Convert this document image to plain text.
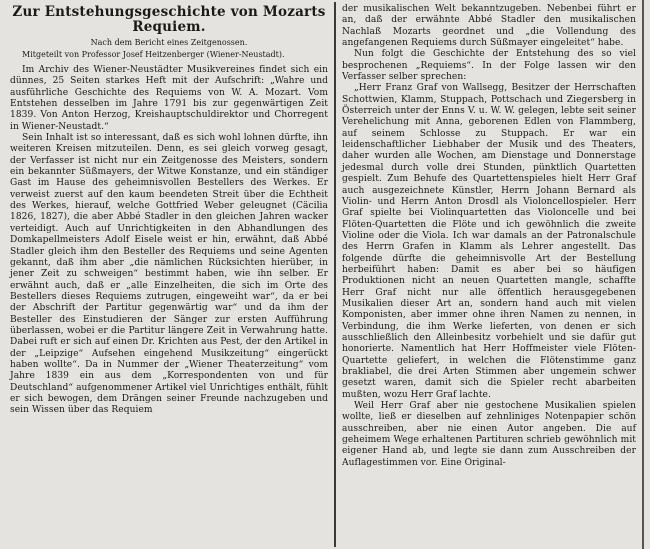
Zur Entstehungsgeschichte von Mozarts Requiem.
Nach dem Bericht eines Zeitgenossen.
Mitgeteilt von Professor Josef Heitzenberger (Wiener-Neustadt).

Im Archiv des Wiener-Neustädter Musikvereines findet sich ein dünnes, 25 Seiten starkes Heft mit der Aufschrift: „Wahre und ausführliche Geschichte des Requiems von W. A. Mozart. Vom Entstehen desselben im Jahre 1791 bis zur gegenwärtigen Zeit 1839. Von Anton Herzog, Kreishauptschuldirektor und Chorregent in Wiener-Neustadt.“

Sein Inhalt ist so interessant, daß es sich wohl lohnen dürfte, ihn weiteren Kreisen mitzuteilen. Denn, es sei gleich vorweg gesagt, der Verfasser ist nicht nur ein Zeitgenosse des Meisters, sondern ein bekannter Süßmayers, der Witwe Konstanze, und ein ständiger Gast im Hause des geheimnisvollen Bestellers des Werkes. Er verweist zuerst auf den kaum beendeten Streit über die Echtheit des Werkes, hierauf, welche Gottfried Weber geleugnet (Cäcilia 1826, 1827), die aber Abbé Stadler in den gleichen Jahren wacker verteidigt. Auch auf Unrichtigkeiten in den Abhandlungen des Domkapellmeisters Adolf Eisele weist er hin, erwähnt, daß Abbé Stadler gleich ihm den Besteller des Requiems und seine Agenten gekannt, daß ihm aber „die nämlichen Rücksichten hierüber, in jener Zeit zu schweigen“ bestimmt haben, wie ihn selber. Er erwähnt auch, daß er „alle Einzelheiten, die sich im Orte des Bestellers dieses Requiems zutrugen, eingeweiht war“, da er bei der Abschrift der Partitur gegenwärtig war“ und da ihm der Besteller des Einstudieren der Sänger zur ersten Aufführung überlassen, wobei er die Partitur längere Zeit in Verwahrung hatte. Dabei ruft er sich auf einen Dr. Krichten aus Pest, der den Artikel in der „Leipzige“ Aufsehen eingehend Musikzeitung“ eingerückt haben wollte“. Da in Nummer der „Wiener Theaterzeitung“ vom Jahre 1839 ein aus dem „Korrespondenten von und für Deutschland“ aufgenommener Artikel viel Unrichtiges enthält, fühlt er sich bewogen, dem Drängen seiner Freunde nachzugeben und sein Wissen über das Requiem

der musikalischen Welt bekanntzugeben. Nebenbei führt er an, daß der erwähnte Abbé Stadler den musikalischen Nachlaß Mozarts geordnet und „die Vollendung des angefangenen Requiems durch Süßmayer eingeleitet“ habe.

Nun folgt die Geschichte der Entstehung des so viel besprochenen „Requiems“. In der Folge lassen wir den Verfasser selber sprechen:

„Herr Franz Graf von Wallsegg, Besitzer der Herrschaften Schottwien, Klamm, Stuppach, Pottschach und Ziegersberg in Österreich unter der Enns V. u. W. W. gelegen, lebte seit seiner Verehelichung mit Anna, geborenen Edlen von Flammberg, auf seinem Schlosse zu Stuppach. Er war ein leidenschaftlicher Liebhaber der Musik und des Theaters, daher wurden alle Wochen, am Dienstage und Donnerstage jedesmal durch volle drei Stunden, pünktlich Quartetten gespielt. Zum Behufe des Quartettenspieles hielt Herr Graf auch ausgezeichnete Künstler, Herrn Johann Bernard als Violin- und Herrn Anton Drosdl als Violoncellospieler. Herr Graf spielte bei Violinquartetten das Violoncelle und bei Flöten-Quartetten die Flöte und ich gewöhnlich die zweite Violine oder die Viola. Ich war damals an der Patronalschule des Herrn Grafen in Klamm als Lehrer angestellt. Das folgende dürfte die geheimnisvolle Art der Bestellung herbeiführt haben: Damit es aber bei so häufigen Produktionen nicht an neuen Quartetten mangle, schaffte Herr Graf nicht nur alle öffentlich herausgegebenen Musikalien dieser Art an, sondern hand auch mit vielen Komponisten, aber immer ohne ihren Namen zu nennen, in Verbindung, die ihm Werke lieferten, von denen er sich ausschließlich den Alleinbesitz vorbehielt und sie dafür gut honorierte. Namentlich hat Herr Hoffmeister viele Flöten-Quartette geliefert, in welchen die Flötenstimme ganz brakliabel, die drei Arten Stimmen aber ungemein schwer gesetzt waren, damit sich die Spieler recht abarbeiten mußten, wozu Herr Graf lachte.

Weil Herr Graf aber nie gestochene Musikalien spielen wollte, ließ er dieselben auf zehnliniges Notenpapier schön ausschreiben, aber nie einen Autor angeben. Die auf geheimem Wege erhaltenen Partituren schrieb gewöhnlich mit eigener Hand ab, und legte sie dann zum Ausschreiben der Auflagestimmen vor. Eine Original-
